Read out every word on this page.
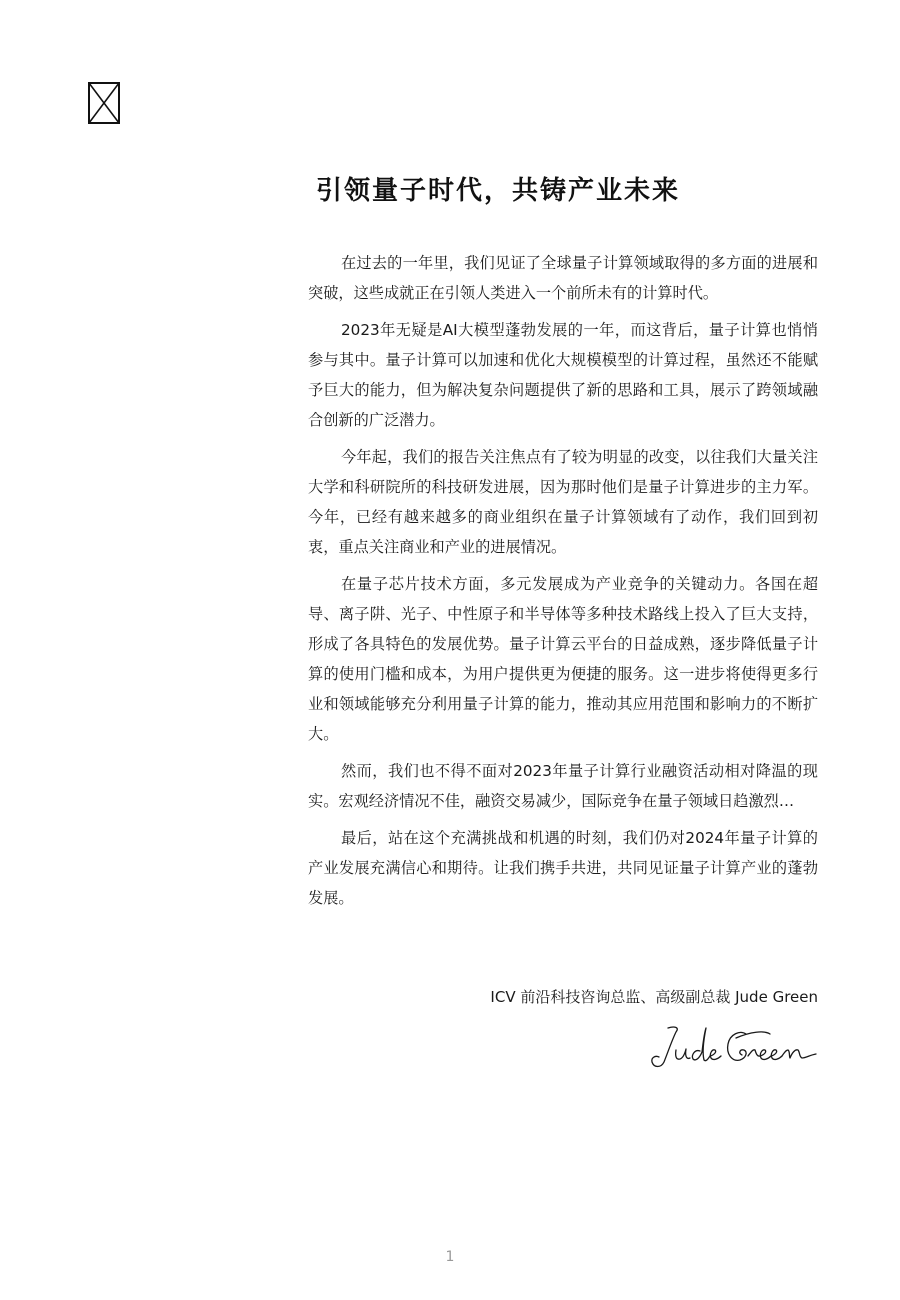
引领量子时代，共铸产业未来

在过去的一年里，我们见证了全球量子计算领域取得的多方面的进展和突破，这些成就正在引领人类进入一个前所未有的计算时代。

2023年无疑是AI大模型蓬勃发展的一年，而这背后，量子计算也悄悄参与其中。量子计算可以加速和优化大规模模型的计算过程，虽然还不能赋予巨大的能力，但为解决复杂问题提供了新的思路和工具，展示了跨领域融合创新的广泛潜力。

今年起，我们的报告关注焦点有了较为明显的改变，以往我们大量关注大学和科研院所的科技研发进展，因为那时他们是量子计算进步的主力军。今年，已经有越来越多的商业组织在量子计算领域有了动作，我们回到初衷，重点关注商业和产业的进展情况。

在量子芯片技术方面，多元发展成为产业竞争的关键动力。各国在超导、离子阱、光子、中性原子和半导体等多种技术路线上投入了巨大支持，形成了各具特色的发展优势。量子计算云平台的日益成熟，逐步降低量子计算的使用门槛和成本，为用户提供更为便捷的服务。这一进步将使得更多行业和领域能够充分利用量子计算的能力，推动其应用范围和影响力的不断扩大。

然而，我们也不得不面对2023年量子计算行业融资活动相对降温的现实。宏观经济情况不佳，融资交易减少，国际竞争在量子领域日趋激烈…

最后，站在这个充满挑战和机遇的时刻，我们仍对2024年量子计算的产业发展充满信心和期待。让我们携手共进，共同见证量子计算产业的蓬勃发展。

ICV 前沿科技咨询总监、高级副总裁 Jude Green
1
